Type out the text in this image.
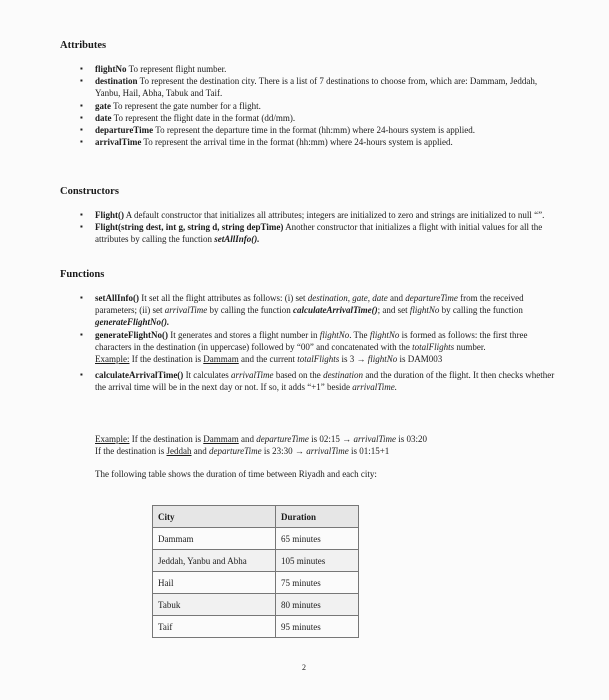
Attributes
▪ flightNo To represent flight number.
▪ destination To represent the destination city. There is a list of 7 destinations to choose from, which are: Dammam, Jeddah, Yanbu, Hail, Abha, Tabuk and Taif.
▪ gate To represent the gate number for a flight.
▪ date To represent the flight date in the format (dd/mm).
▪ departureTime To represent the departure time in the format (hh:mm) where 24-hours system is applied.
▪ arrivalTime To represent the arrival time in the format (hh:mm) where 24-hours system is applied.
Constructors
▪ Flight() A default constructor that initializes all attributes; integers are initialized to zero and strings are initialized to null “”.
▪ Flight(string dest, int g, string d, string depTime) Another constructor that initializes a flight with initial values for all the attributes by calling the function setAllInfo().
Functions
▪ setAllInfo() It set all the flight attributes as follows: (i) set destination, gate, date and departureTime from the received parameters; (ii) set arrivalTime by calling the function calculateArrivalTime(); and set flightNo by calling the function generateFlightNo().
▪ generateFlightNo() It generates and stores a flight number in flightNo. The flightNo is formed as follows: the first three characters in the destination (in uppercase) followed by “00” and concatenated with the totalFlights number.
Example: If the destination is Dammam and the current totalFlights is 3 → flightNo is DAM003
▪ calculateArrivalTime() It calculates arrivalTime based on the destination and the duration of the flight. It then checks whether the arrival time will be in the next day or not. If so, it adds “+1” beside arrivalTime.

Example: If the destination is Dammam and departureTime is 02:15 → arrivalTime is 03:20
If the destination is Jeddah and departureTime is 23:30 → arrivalTime is 01:15+1

The following table shows the duration of time between Riyadh and each city:

City	Duration
Dammam	65 minutes
Jeddah, Yanbu and Abha	105 minutes
Hail	75 minutes
Tabuk	80 minutes
Taif	95 minutes
2
